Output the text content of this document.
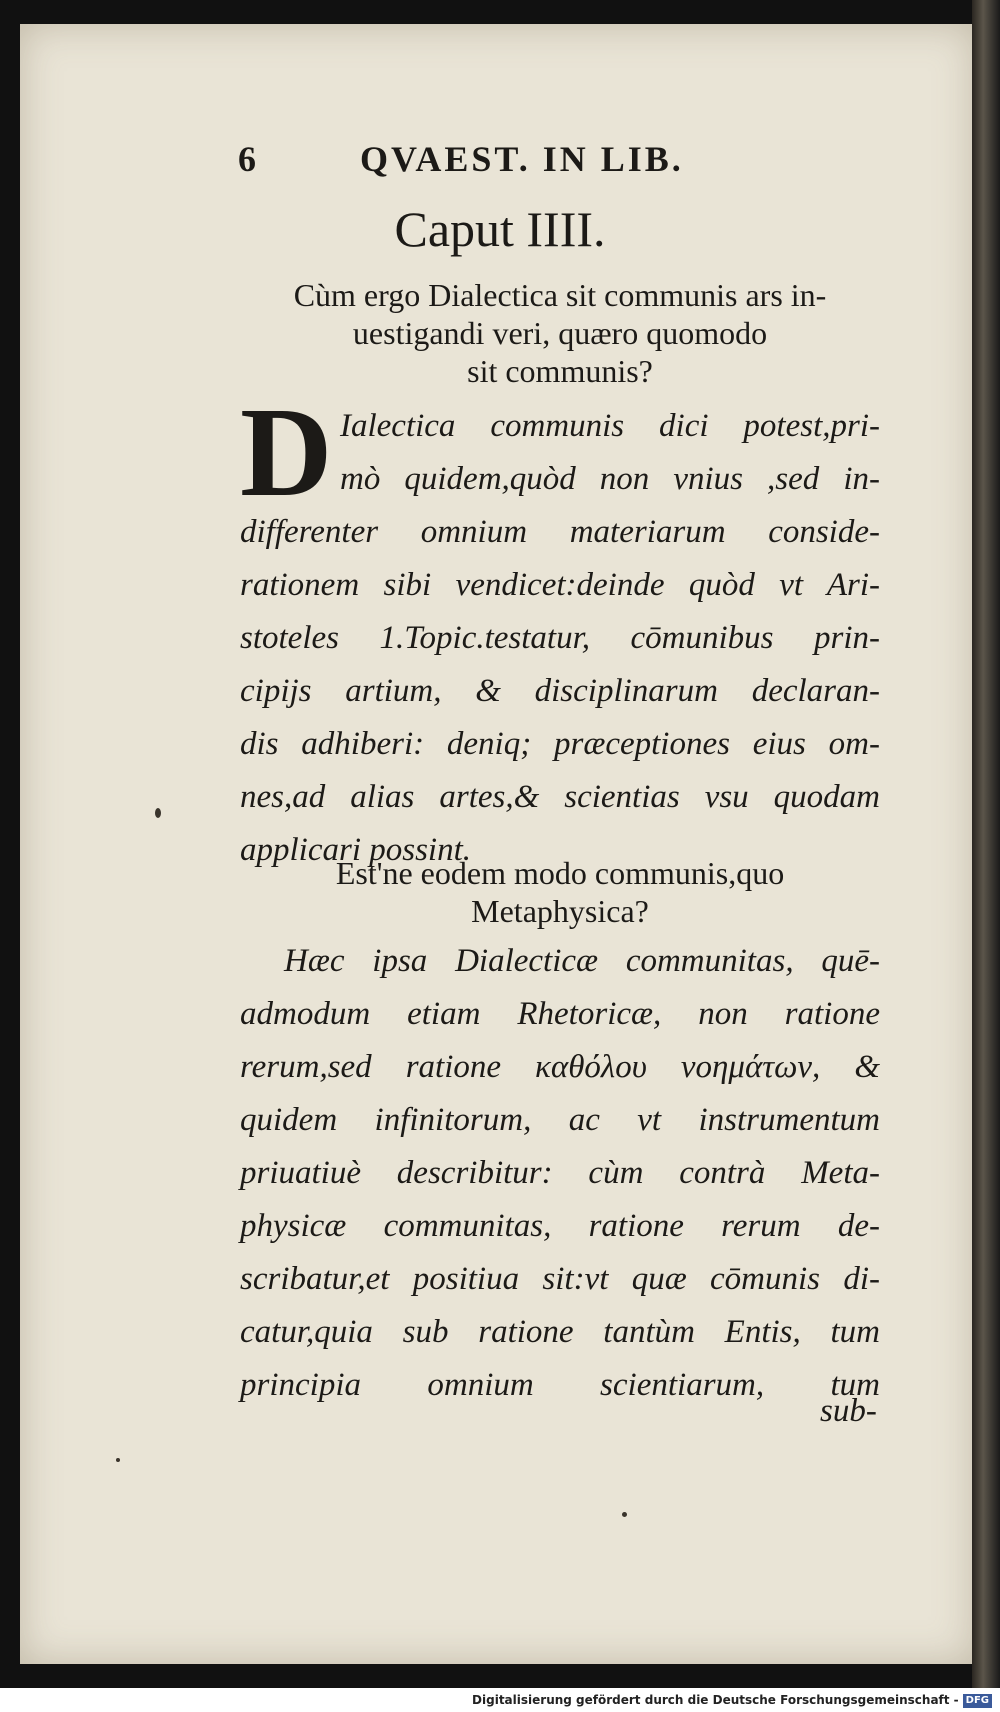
6	QVAEST. IN LIB.
Caput IIII.
Cùm ergo Dialectica sit communis ars in-
uestigandi veri, quæro quomodo
sit communis?
D Ialectica communis dici potest,pri-
mò quidem,quòd non vnius ,sed in-
differenter omnium materiarum conside-
rationem sibi vendicet:deinde quòd vt Ari-
stoteles 1.Topic.testatur, cōmunibus prin-
cipijs artium, & disciplinarum declaran-
dis adhiberi: deniq; præceptiones eius om-
nes,ad alias artes,& scientias vsu quodam
applicari possint.
Est'ne eodem modo communis,quo
Metaphysica?
Hæc ipsa Dialecticæ communitas, quē-
admodum etiam Rhetoricæ, non ratione
rerum,sed ratione καθόλου νοημάτων, &
quidem infinitorum, ac vt instrumentum
priuatiuè describitur: cùm contrà Meta-
physicæ communitas, ratione rerum de-
scribatur,et positiua sit:vt quæ cōmunis di-
catur,quia sub ratione tantùm Entis, tum
principia omnium scientiarum, tum
sub-
Digitalisierung gefördert durch die Deutsche Forschungsgemeinschaft - DFG
